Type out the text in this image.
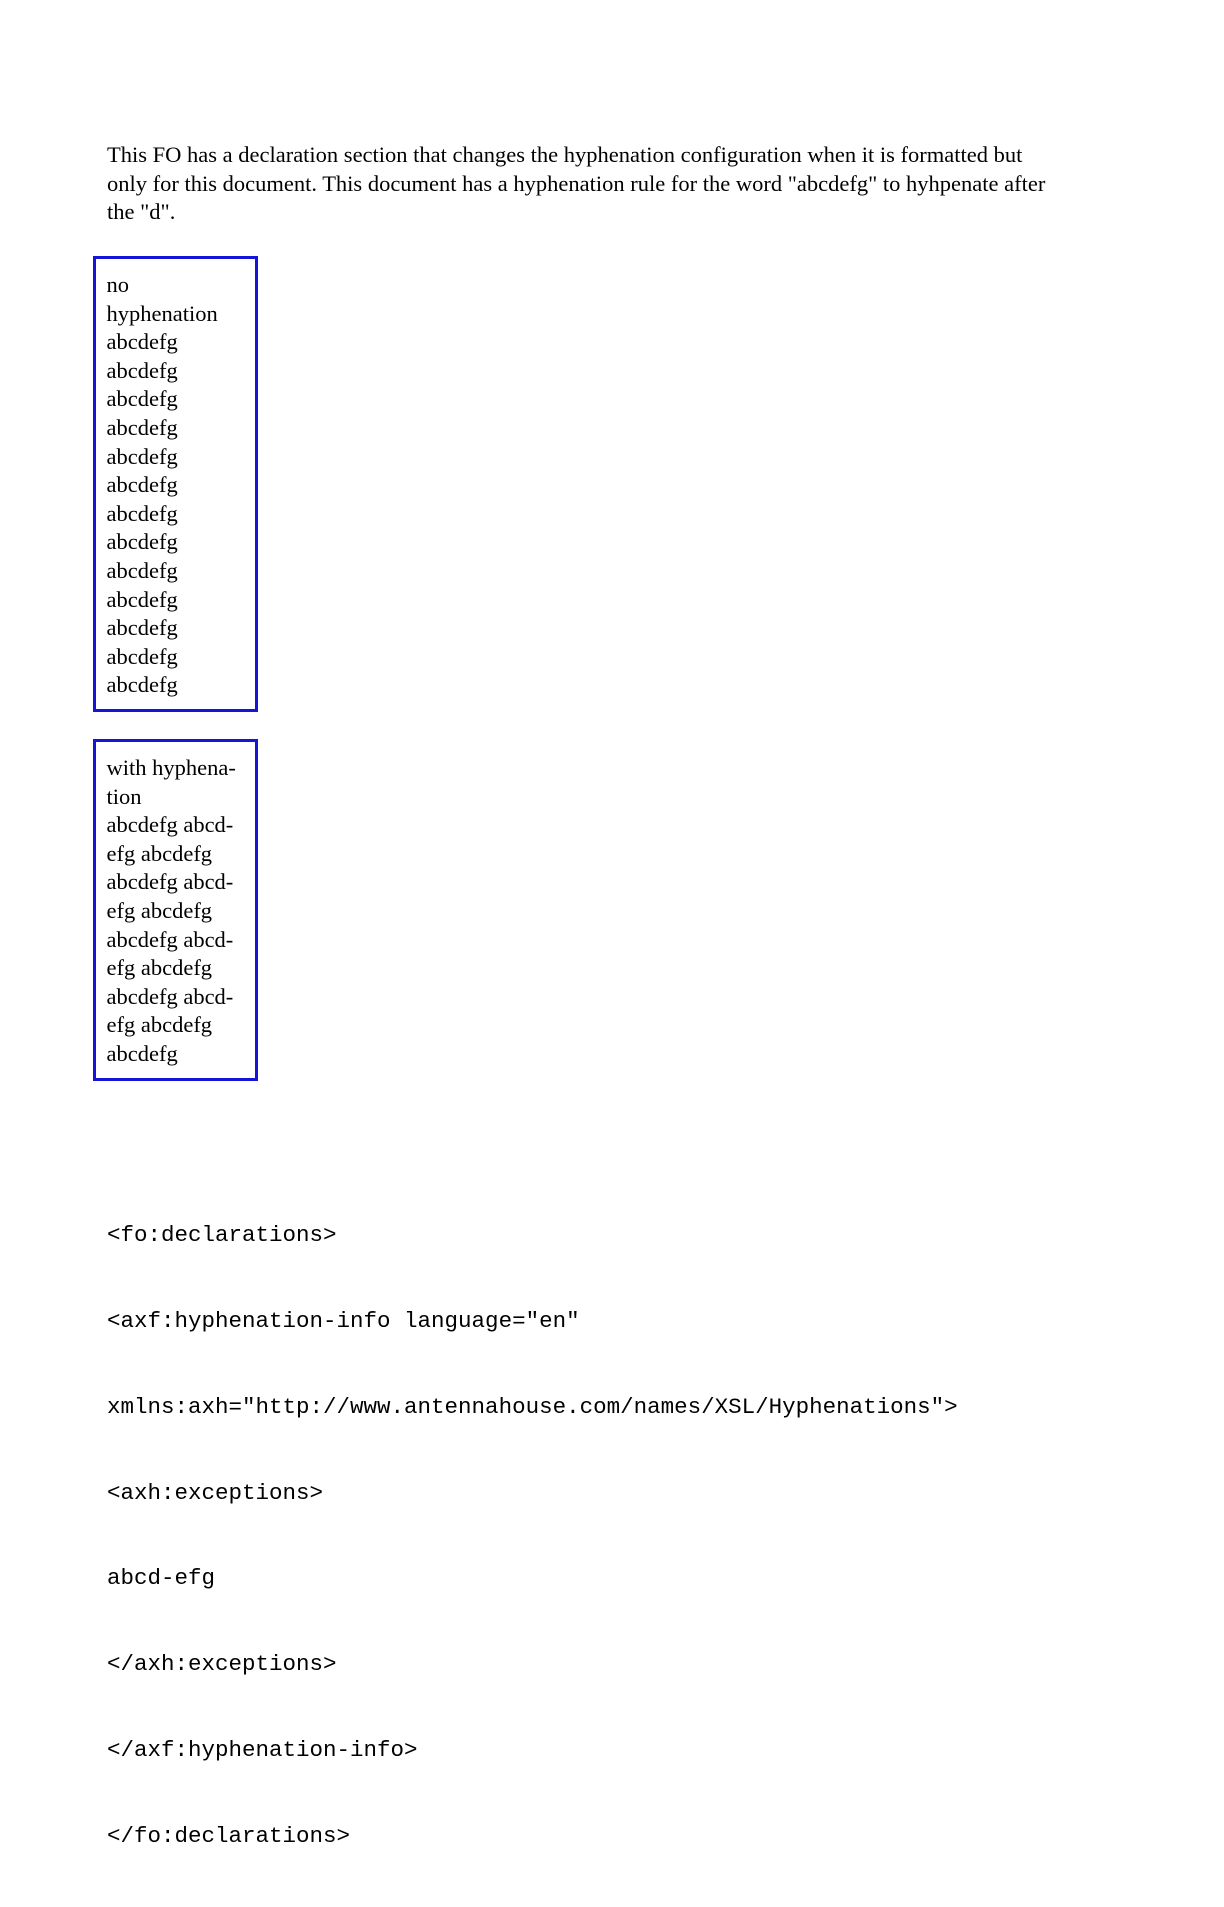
This FO has a declaration section that changes the hyphenation configuration when it is formatted but
only for this document. This document has a hyphenation rule for the word "abcdefg" to hyhpenate after
the "d".
no
hyphenation
abcdefg
abcdefg
abcdefg
abcdefg
abcdefg
abcdefg
abcdefg
abcdefg
abcdefg
abcdefg
abcdefg
abcdefg
abcdefg
with hyphena-
tion
abcdefg abcd-
efg abcdefg
abcdefg abcd-
efg abcdefg
abcdefg abcd-
efg abcdefg
abcdefg abcd-
efg abcdefg
abcdefg

<fo:declarations>

<axf:hyphenation-info language="en"

xmlns:axh="http://www.antennahouse.com/names/XSL/Hyphenations">

<axh:exceptions>

abcd-efg

</axh:exceptions>

</axf:hyphenation-info>

</fo:declarations>
